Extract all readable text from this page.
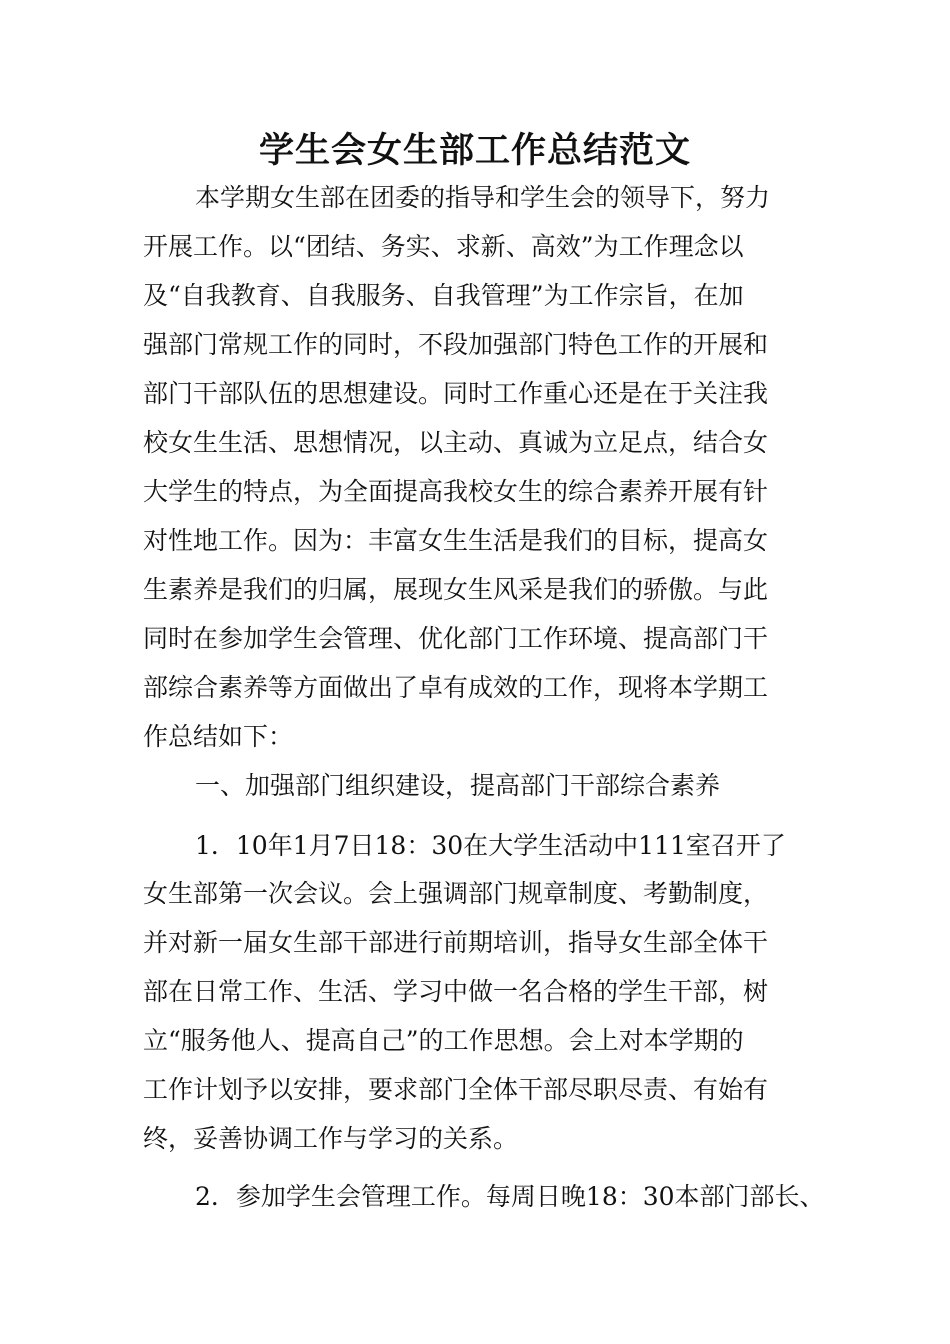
学生会女生部工作总结范文
本学期女生部在团委的指导和学生会的领导下，努力
开展工作。以“团结、务实、求新、高效”为工作理念以
及“自我教育、自我服务、自我管理”为工作宗旨，在加
强部门常规工作的同时，不段加强部门特色工作的开展和
部门干部队伍的思想建设。同时工作重心还是在于关注我
校女生生活、思想情况，以主动、真诚为立足点，结合女
大学生的特点，为全面提高我校女生的综合素养开展有针
对性地工作。因为：丰富女生生活是我们的目标，提高女
生素养是我们的归属，展现女生风采是我们的骄傲。与此
同时在参加学生会管理、优化部门工作环境、提高部门干
部综合素养等方面做出了卓有成效的工作，现将本学期工
作总结如下：
一、加强部门组织建设，提高部门干部综合素养
1．10年1月7日18：30在大学生活动中111室召开了
女生部第一次会议。会上强调部门规章制度、考勤制度，
并对新一届女生部干部进行前期培训，指导女生部全体干
部在日常工作、生活、学习中做一名合格的学生干部，树
立“服务他人、提高自己”的工作思想。会上对本学期的
工作计划予以安排，要求部门全体干部尽职尽责、有始有
终，妥善协调工作与学习的关系。
2．参加学生会管理工作。每周日晚18：30本部门部长、
